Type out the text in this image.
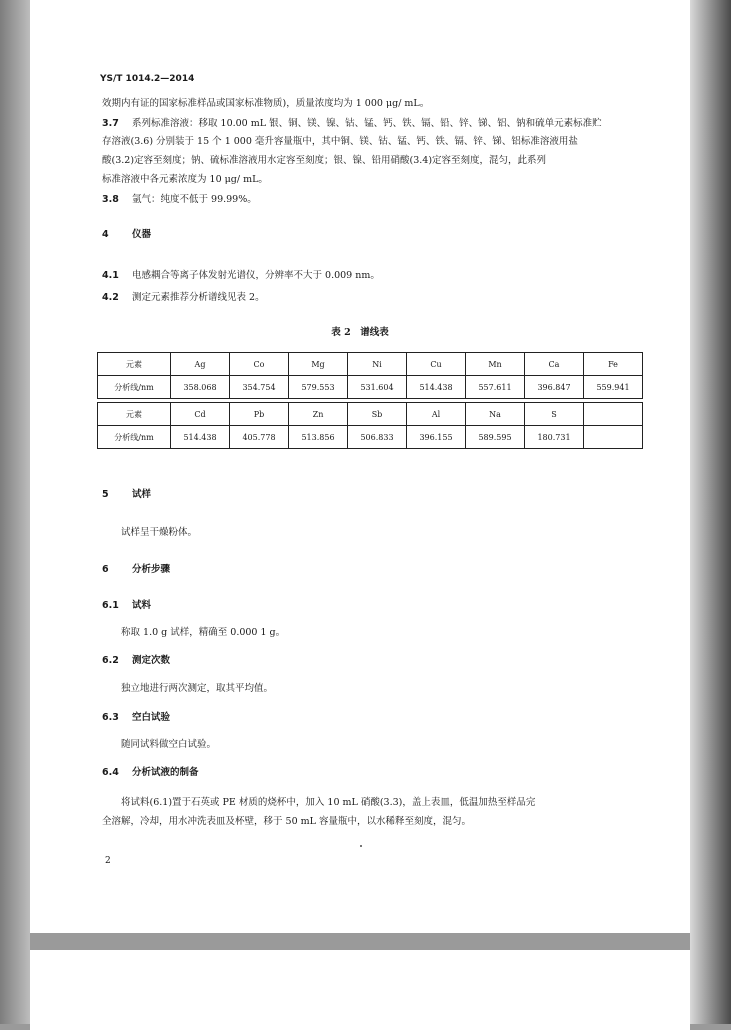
YS/T 1014.2—2014
效期内有证的国家标准样品或国家标准物质)，质量浓度均为 1 000 μg/ mL。
3.7 系列标准溶液：移取 10.00 mL 银、铜、镁、镍、钴、锰、钙、铁、镉、铅、锌、锑、铝、钠和硫单元素标准贮
存溶液(3.6) 分别装于 15 个 1 000 毫升容量瓶中，其中铜、镁、钴、锰、钙、铁、镉、锌、锑、铝标准溶液用盐
酸(3.2)定容至刻度；钠、硫标准溶液用水定容至刻度；银、镍、铅用硝酸(3.4)定容至刻度，混匀，此系列
标准溶液中各元素浓度为 10 μg/ mL。
3.8 氩气：纯度不低于 99.99%。
4 仪器
4.1 电感耦合等离子体发射光谱仪，分辨率不大于 0.009 nm。
4.2 测定元素推荐分析谱线见表 2。
表 2　谱线表
元素	Ag	Co	Mg	Ni	Cu	Mn	Ca	Fe
分析线/nm	358.068	354.754	579.553	531.604	514.438	557.611	396.847	559.941

元素	Cd	Pb	Zn	Sb	Al	Na	S	
分析线/nm	514.438	405.778	513.856	506.833	396.155	589.595	180.731	
5 试样
试样呈干燥粉体。
6 分析步骤
6.1 试料
称取 1.0 g 试样，精确至 0.000 1 g。
6.2 测定次数
独立地进行两次测定，取其平均值。
6.3 空白试验
随同试料做空白试验。
6.4 分析试液的制备
将试料(6.1)置于石英或 PE 材质的烧杯中，加入 10 mL 硝酸(3.3)，盖上表皿，低温加热至样品完
全溶解，冷却，用水冲洗表皿及杯壁，移于 50 mL 容量瓶中，以水稀释至刻度，混匀。
2
